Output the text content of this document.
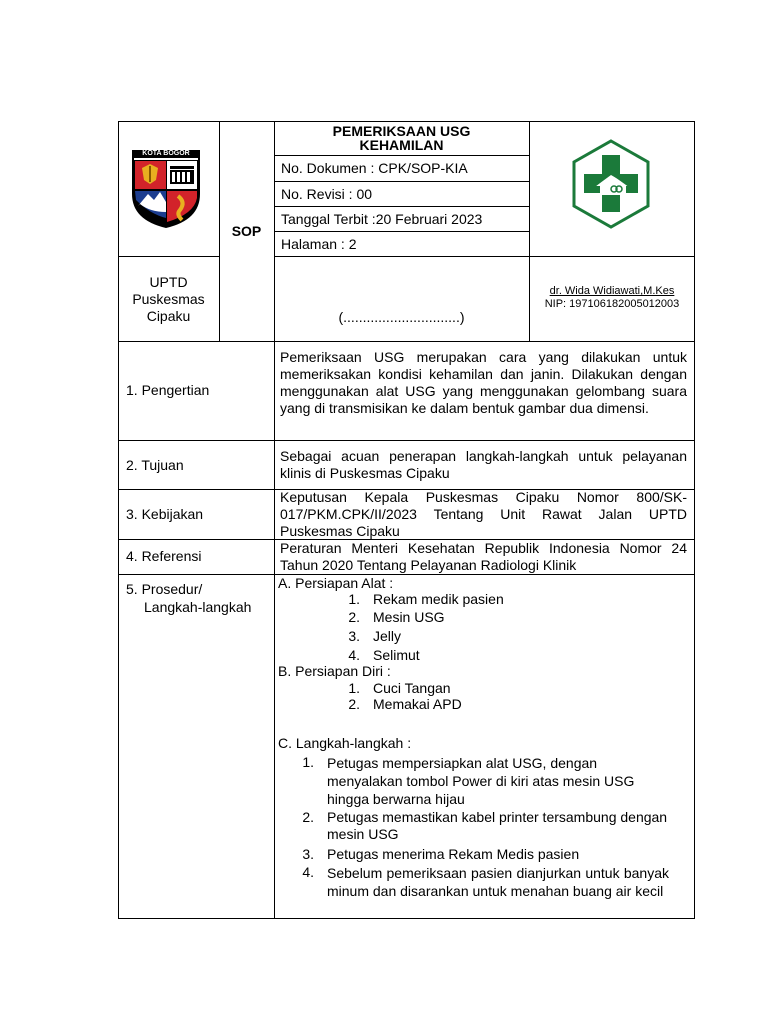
KOTA BOGOR
SOP
PEMERIKSAAN USG KEHAMILAN
No. Dokumen : CPK/SOP-KIA
No. Revisi : 00
Tanggal Terbit :20 Februari 2023
Halaman : 2
UPTD
Puskesmas
Cipaku	(..............................)
dr. Wida Widiawati,M.Kes
NIP: 197106182005012003
1. Pengertian
Pemeriksaan USG merupakan cara yang dilakukan untuk memeriksakan kondisi kehamilan dan janin. Dilakukan dengan menggunakan alat USG yang menggunakan gelombang suara yang di transmisikan ke dalam bentuk gambar dua dimensi.
2. Tujuan
Sebagai acuan penerapan langkah-langkah untuk pelayanan klinis di Puskesmas Cipaku
3. Kebijakan
Keputusan Kepala Puskesmas Cipaku Nomor 800/SK-017/PKM.CPK/II/2023 Tentang Unit Rawat Jalan UPTD Puskesmas Cipaku
4. Referensi	Peraturan Menteri Kesehatan Republik Indonesia Nomor 24 Tahun 2020 Tentang Pelayanan Radiologi Klinik
5. Prosedur/
Langkah-langkah
A. Persiapan Alat :
1. Rekam medik pasien
2. Mesin USG
3. Jelly
4. Selimut
B. Persiapan Diri :
1. Cuci Tangan
2. Memakai APD
C. Langkah-langkah :
1. Petugas mempersiapkan alat USG, dengan menyalakan tombol Power di kiri atas mesin USG hingga berwarna hijau
2. Petugas memastikan kabel printer tersambung dengan mesin USG
3. Petugas menerima Rekam Medis pasien
4. Sebelum pemeriksaan pasien dianjurkan untuk banyak minum dan disarankan untuk menahan buang air kecil
